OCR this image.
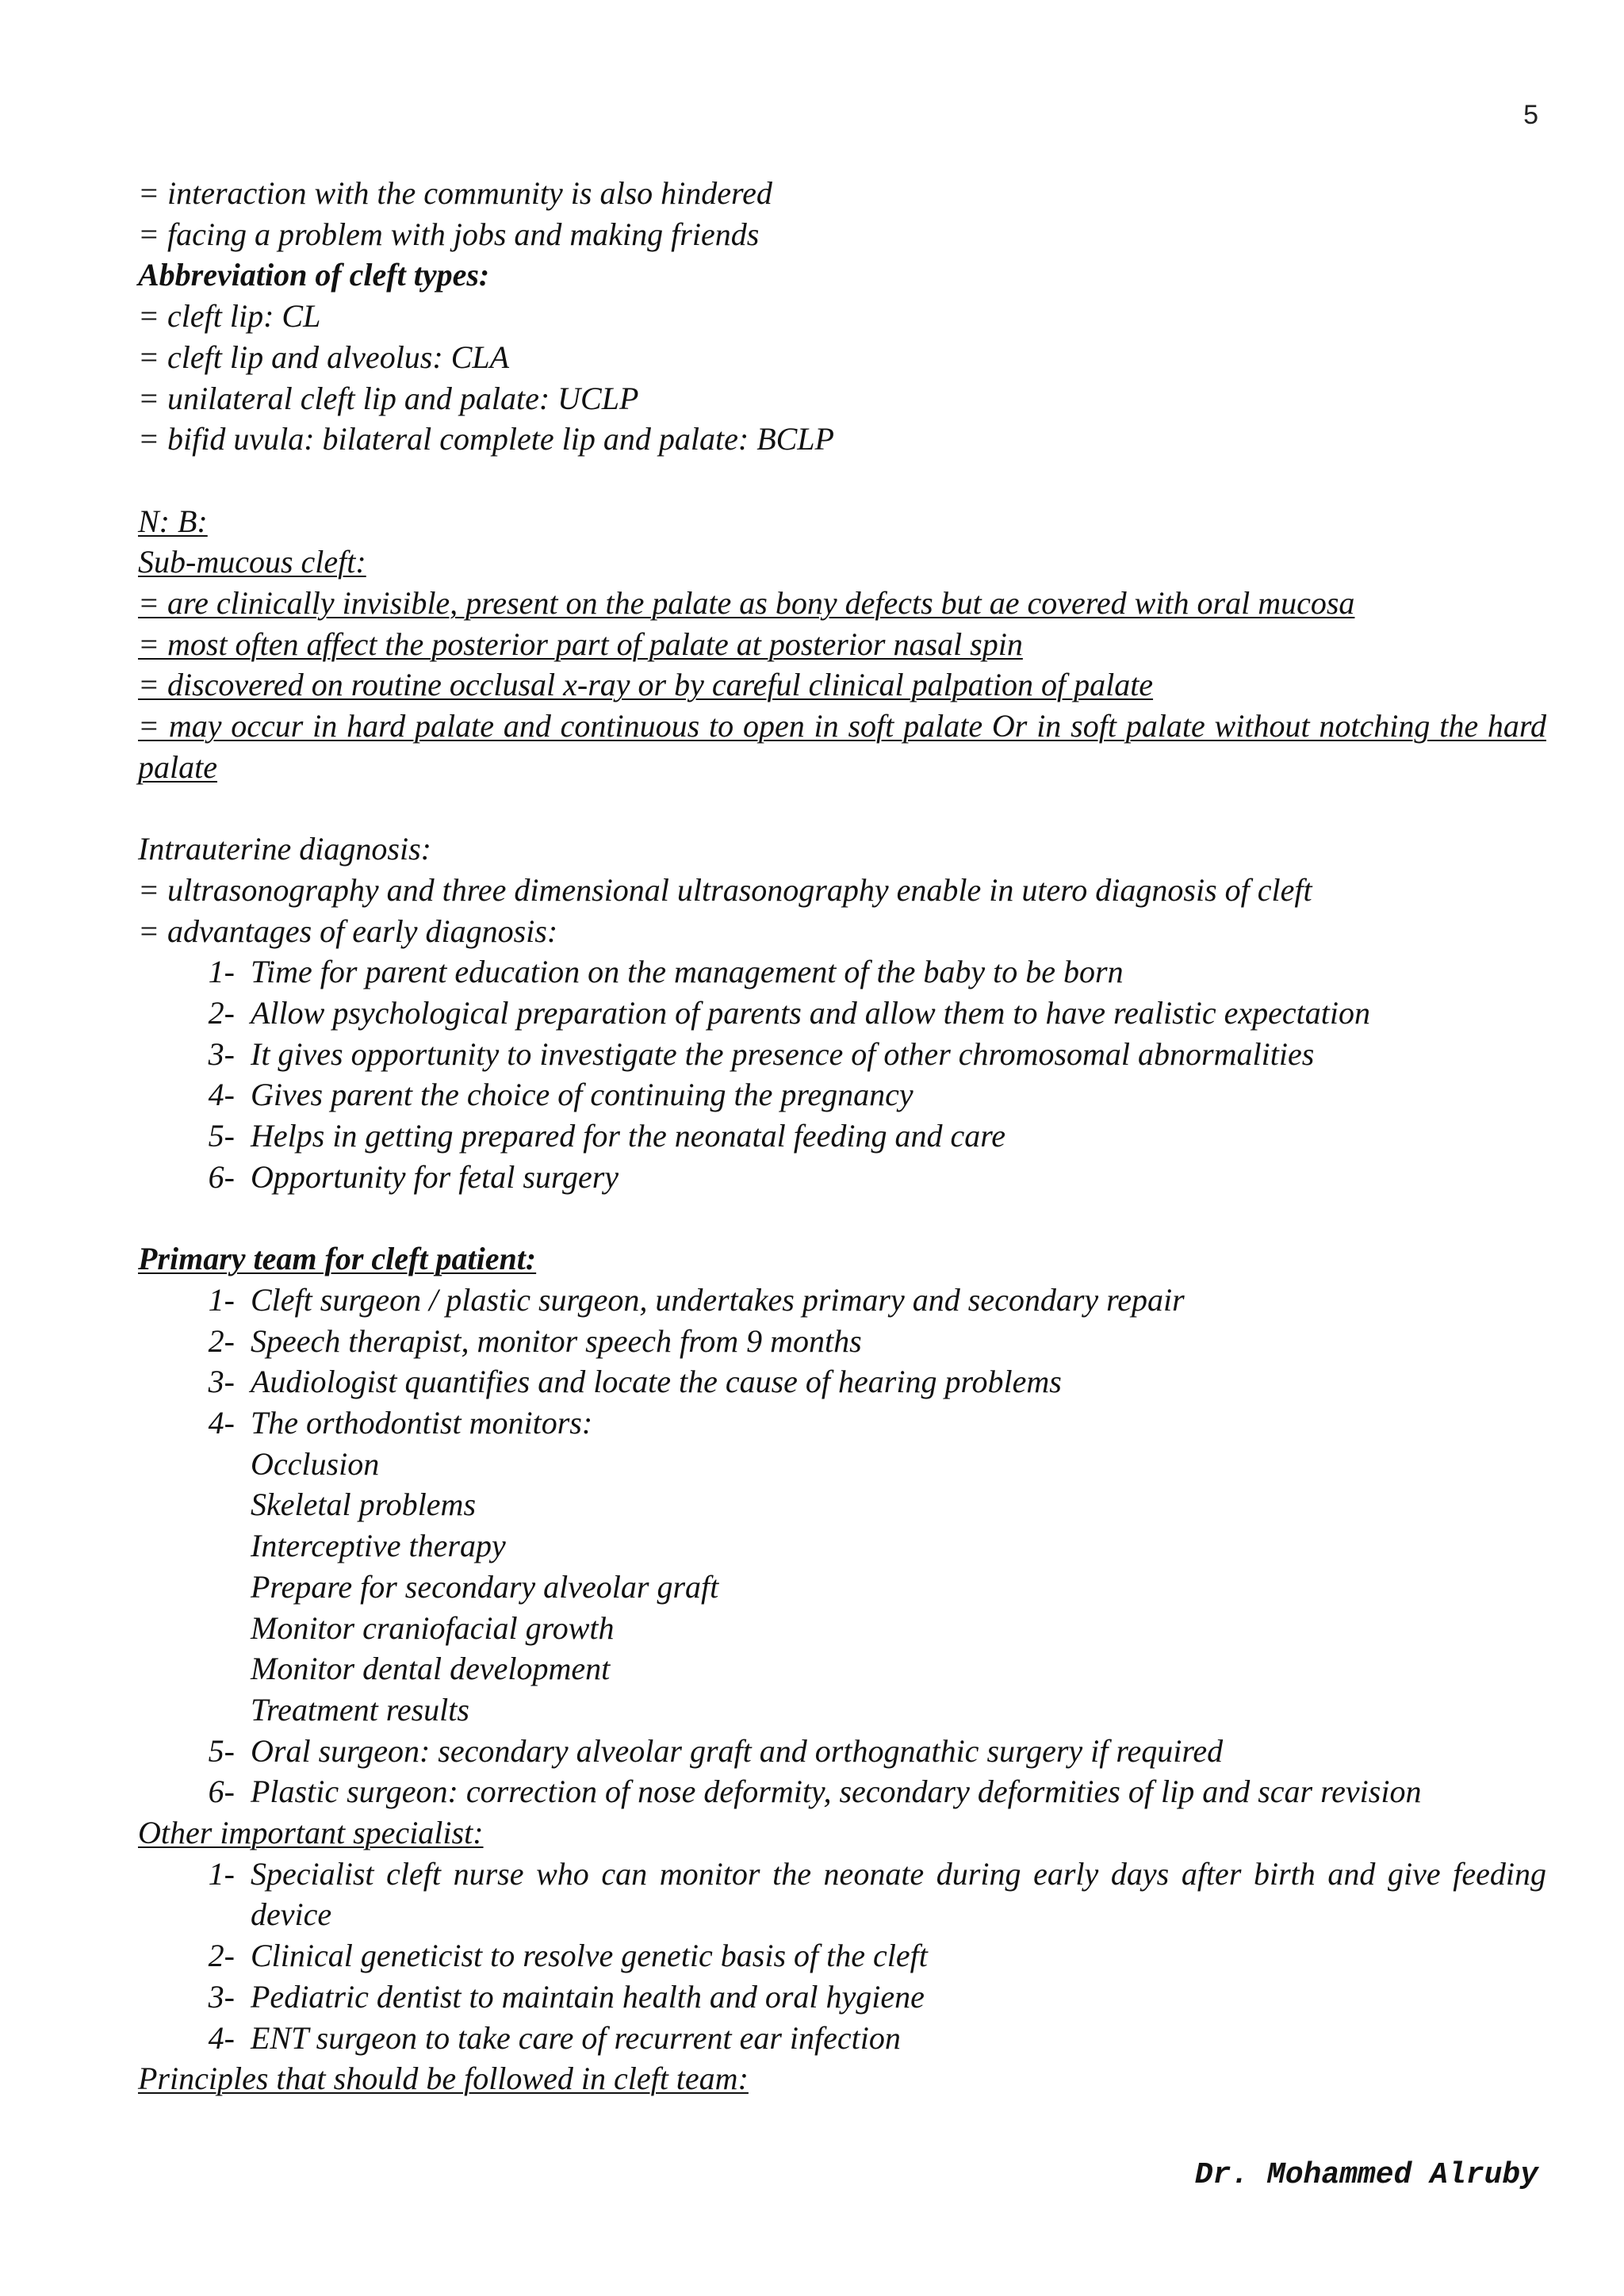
5
= interaction with the community is also hindered
= facing a problem with jobs and making friends
Abbreviation of cleft types:
= cleft lip: CL
= cleft lip and alveolus: CLA
= unilateral cleft lip and palate: UCLP
= bifid uvula: bilateral complete lip and palate: BCLP
N: B:
Sub-mucous cleft:
= are clinically invisible, present on the palate as bony defects but ae covered with oral mucosa
= most often affect the posterior part of palate at posterior nasal spin
= discovered on routine occlusal x-ray or by careful clinical palpation of palate
= may occur in hard palate and continuous to open in soft palate Or in soft palate without notching the hard palate
Intrauterine diagnosis:
= ultrasonography and three dimensional ultrasonography enable in utero diagnosis of cleft
= advantages of early diagnosis:
1- Time for parent education on the management of the baby to be born
2- Allow psychological preparation of parents and allow them to have realistic expectation
3- It gives opportunity to investigate the presence of other chromosomal abnormalities
4- Gives parent the choice of continuing the pregnancy
5- Helps in getting prepared for the neonatal feeding and care
6- Opportunity for fetal surgery
Primary team for cleft patient:
1- Cleft surgeon / plastic surgeon, undertakes primary and secondary repair
2- Speech therapist, monitor speech from 9 months
3- Audiologist quantifies and locate the cause of hearing problems
4- The orthodontist monitors:
Occlusion
Skeletal problems
Interceptive therapy
Prepare for secondary alveolar graft
Monitor craniofacial growth
Monitor dental development
Treatment results
5- Oral surgeon: secondary alveolar graft and orthognathic surgery if required
6- Plastic surgeon: correction of nose deformity, secondary deformities of lip and scar revision
Other important specialist:
1- Specialist cleft nurse who can monitor the neonate during early days after birth and give feeding device
2- Clinical geneticist to resolve genetic basis of the cleft
3- Pediatric dentist to maintain health and oral hygiene
4- ENT surgeon to take care of recurrent ear infection
Principles that should be followed in cleft team:
Dr. Mohammed Alruby
